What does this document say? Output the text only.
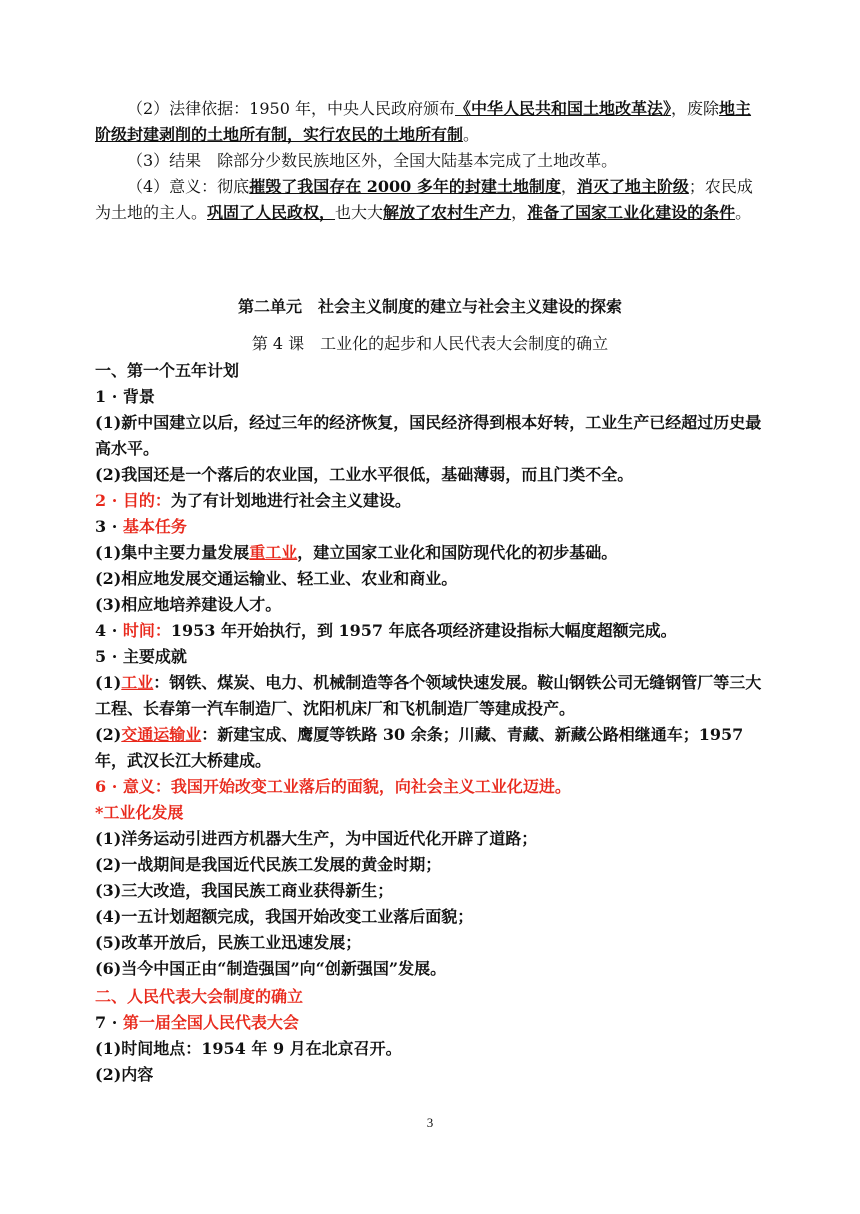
（2）法律依据：1950 年，中央人民政府颁布《中华人民共和国土地改革法》，废除地主阶级封建剥削的土地所有制，实行农民的土地所有制。
（3）结果　除部分少数民族地区外，全国大陆基本完成了土地改革。
（4）意义：彻底摧毁了我国存在 2000 多年的封建土地制度，消灭了地主阶级；农民成为土地的主人。巩固了人民政权，也大大解放了农村生产力，准备了国家工业化建设的条件。
第二单元　社会主义制度的建立与社会主义建设的探索
第 4 课　工业化的起步和人民代表大会制度的确立
一、第一个五年计划
1 · 背景
(1)新中国建立以后，经过三年的经济恢复，国民经济得到根本好转，工业生产已经超过历史最高水平。
(2)我国还是一个落后的农业国，工业水平很低，基础薄弱，而且门类不全。
2 · 目的：为了有计划地进行社会主义建设。
3 · 基本任务
(1)集中主要力量发展重工业，建立国家工业化和国防现代化的初步基础。
(2)相应地发展交通运输业、轻工业、农业和商业。
(3)相应地培养建设人才。
4 · 时间：1953 年开始执行，到 1957 年底各项经济建设指标大幅度超额完成。
5 · 主要成就
(1)工业：钢铁、煤炭、电力、机械制造等各个领域快速发展。鞍山钢铁公司无缝钢管厂等三大工程、长春第一汽车制造厂、沈阳机床厂和飞机制造厂等建成投产。
(2)交通运输业：新建宝成、鹰厦等铁路 30 余条；川藏、青藏、新藏公路相继通车；1957 年，武汉长江大桥建成。
6 · 意义：我国开始改变工业落后的面貌，向社会主义工业化迈进。
*工业化发展
(1)洋务运动引进西方机器大生产，为中国近代化开辟了道路；
(2)一战期间是我国近代民族工发展的黄金时期；
(3)三大改造，我国民族工商业获得新生；
(4)一五计划超额完成，我国开始改变工业落后面貌；
(5)改革开放后，民族工业迅速发展；
(6)当今中国正由“制造强国”向“创新强国”发展。
二、人民代表大会制度的确立
7 · 第一届全国人民代表大会
(1)时间地点：1954 年 9 月在北京召开。
(2)内容
3
